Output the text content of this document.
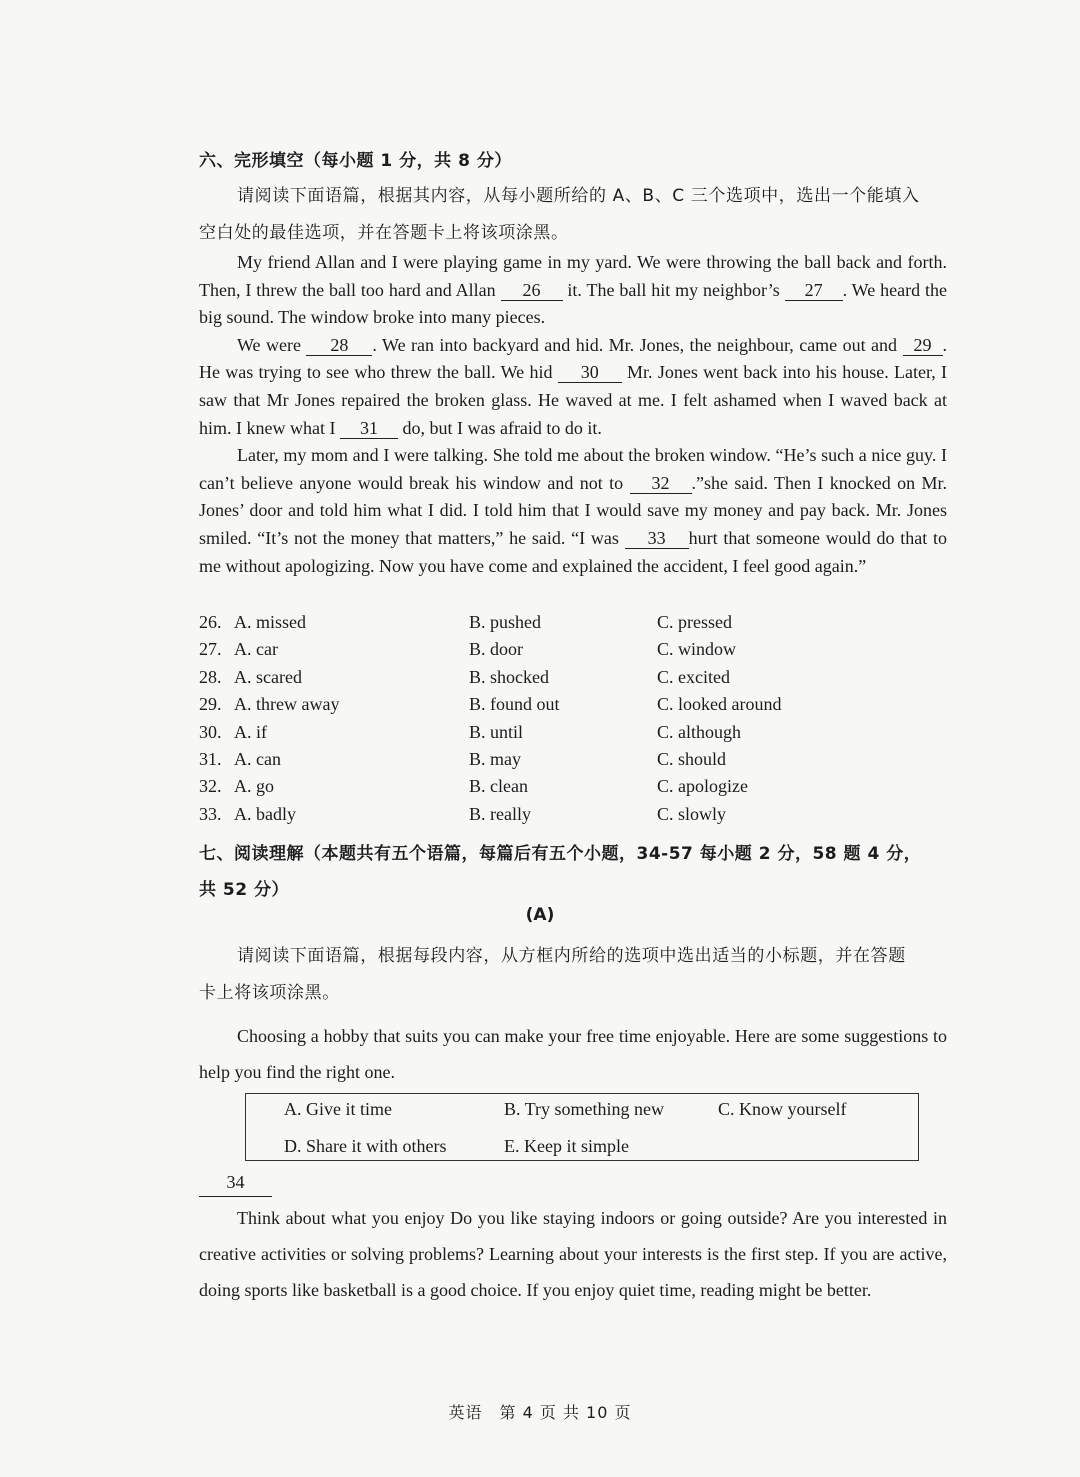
六、完形填空（每小题 1 分，共 8 分）
请阅读下面语篇，根据其内容，从每小题所给的 A、B、C 三个选项中，选出一个能填入
空白处的最佳选项，并在答题卡上将该项涂黑。

My friend Allan and I were playing game in my yard. We were throwing the ball back and forth. Then, I threw the ball too hard and Allan 26 it. The ball hit my neighbor’s 27 . We heard the big sound. The window broke into many pieces.

We were 28 . We ran into backyard and hid. Mr. Jones, the neighbour, came out and 29 . He was trying to see who threw the ball. We hid 30 Mr. Jones went back into his house. Later, I saw that Mr Jones repaired the broken glass. He waved at me. I felt ashamed when I waved back at him. I knew what I 31 do, but I was afraid to do it.

Later, my mom and I were talking. She told me about the broken window. “He’s such a nice guy. I can’t believe anyone would break his window and not to 32 .”she said. Then I knocked on Mr. Jones’ door and told him what I did. I told him that I would save my money and pay back. Mr. Jones smiled. “It’s not the money that matters,” he said. “I was 33 hurt that someone would do that to me without apologizing. Now you have come and explained the accident, I feel good again.”

26. A. missed	B. pushed	C. pressed
27. A. car	B. door	C. window
28. A. scared	B. shocked	C. excited
29. A. threw away	B. found out	C. looked around
30. A. if	B. until	C. although
31. A. can	B. may	C. should
32. A. go	B. clean	C. apologize
33. A. badly	B. really	C. slowly
七、阅读理解（本题共有五个语篇，每篇后有五个小题，34-57 每小题 2 分，58 题 4 分，
共 52 分）
(A)
请阅读下面语篇，根据每段内容，从方框内所给的选项中选出适当的小标题，并在答题
卡上将该项涂黑。

Choosing a hobby that suits you can make your free time enjoyable. Here are some suggestions to help you find the right one.

A. Give it time	B. Try something new	C. Know yourself
D. Share it with others	E. Keep it simple
34

Think about what you enjoy Do you like staying indoors or going outside? Are you interested in creative activities or solving problems? Learning about your interests is the first step. If you are active, doing sports like basketball is a good choice. If you enjoy quiet time, reading might be better.

英语　第 4 页 共 10 页
